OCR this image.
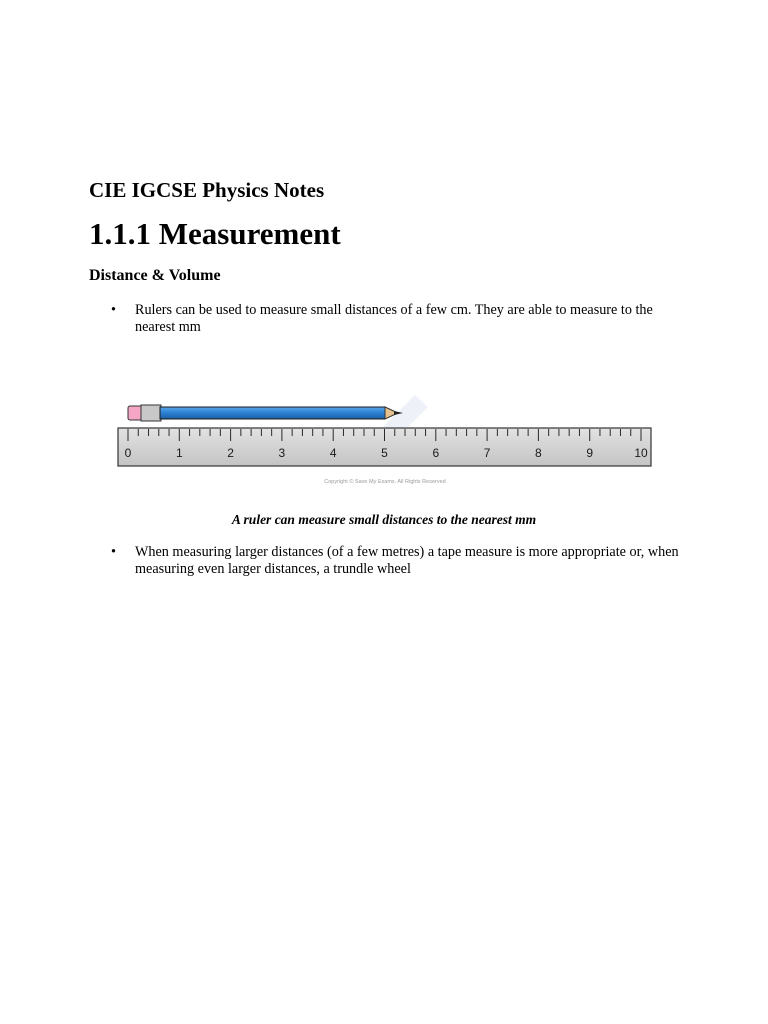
CIE IGCSE Physics Notes
1.1.1 Measurement
Distance & Volume
• Rulers can be used to measure small distances of a few cm. They are able to measure to the nearest mm
0	1	2	3	4	5	6	7	8	9	10
Copyright © Save My Exams. All Rights Reserved

A ruler can measure small distances to the nearest mm

• When measuring larger distances (of a few metres) a tape measure is more appropriate or, when measuring even larger distances, a trundle wheel
